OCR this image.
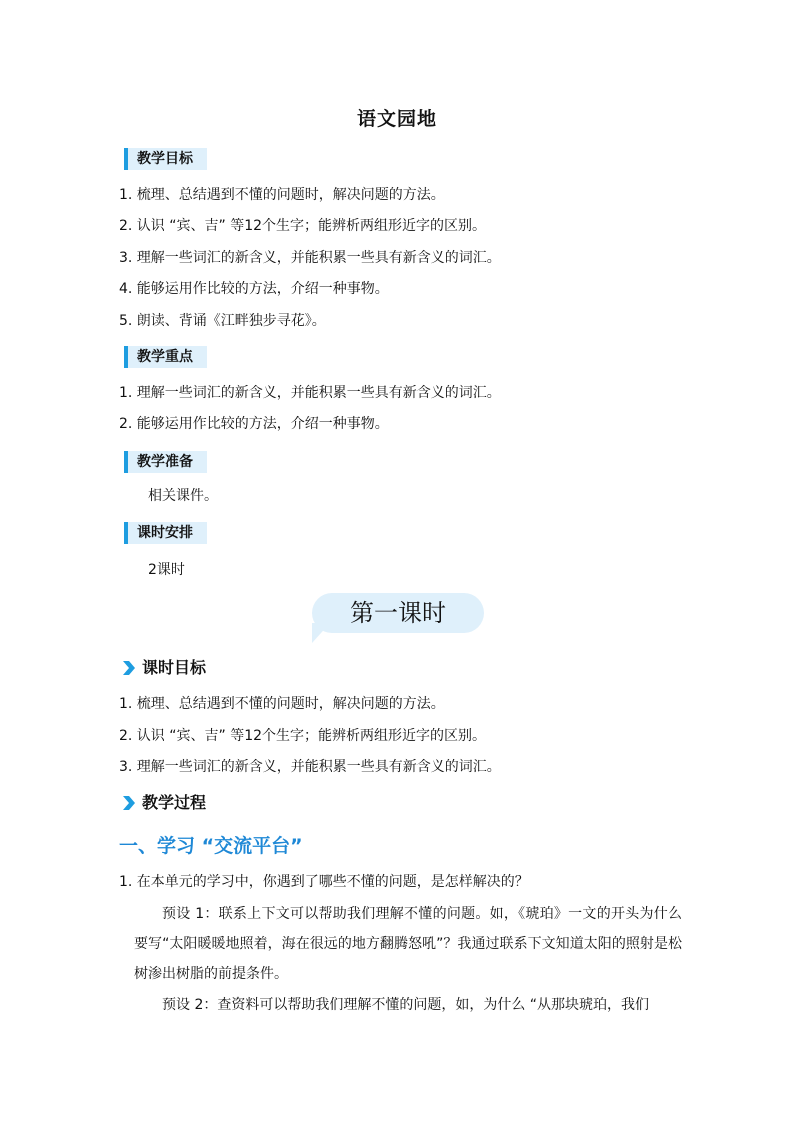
语文园地
教学目标
1. 梳理、总结遇到不懂的问题时，解决问题的方法。
2. 认识 “宾、吉” 等12个生字；能辨析两组形近字的区别。
3. 理解一些词汇的新含义，并能积累一些具有新含义的词汇。
4. 能够运用作比较的方法，介绍一种事物。
5. 朗读、背诵《江畔独步寻花》。
教学重点
1. 理解一些词汇的新含义，并能积累一些具有新含义的词汇。
2. 能够运用作比较的方法，介绍一种事物。
教学准备
相关课件。
课时安排
2课时
第一课时
课时目标
1. 梳理、总结遇到不懂的问题时，解决问题的方法。
2. 认识 “宾、吉” 等12个生字；能辨析两组形近字的区别。
3. 理解一些词汇的新含义，并能积累一些具有新含义的词汇。
教学过程
一、学习 “交流平台”
1. 在本单元的学习中，你遇到了哪些不懂的问题，是怎样解决的？
预设 1：联系上下文可以帮助我们理解不懂的问题。如，《琥珀》一文的开头为什么要写“太阳暖暖地照着，海在很远的地方翻腾怒吼”？我通过联系下文知道太阳的照射是松树渗出树脂的前提条件。
预设 2：查资料可以帮助我们理解不懂的问题，如，为什么 “从那块琥珀，我们
